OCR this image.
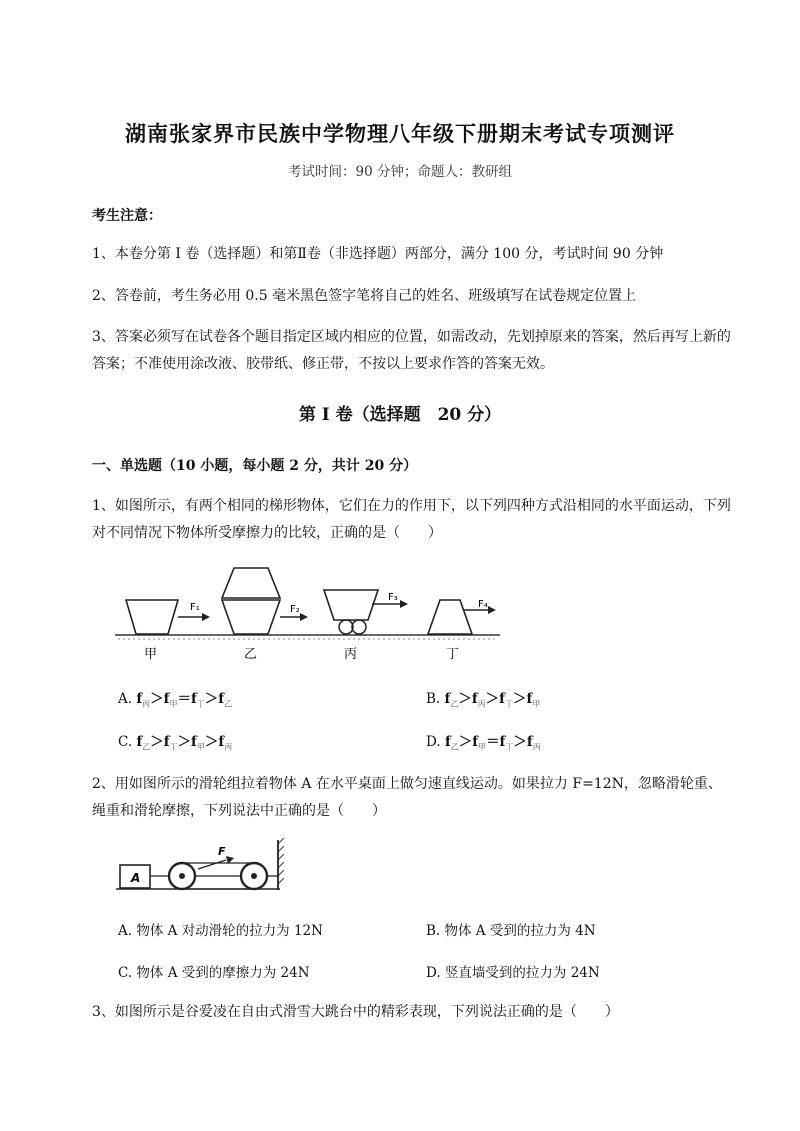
湖南张家界市民族中学物理八年级下册期末考试专项测评
考试时间：90 分钟；命题人：教研组
考生注意：
1、本卷分第 I 卷（选择题）和第Ⅱ卷（非选择题）两部分，满分 100 分，考试时间 90 分钟
2、答卷前，考生务必用 0.5 毫米黑色签字笔将自己的姓名、班级填写在试卷规定位置上
3、答案必须写在试卷各个题目指定区域内相应的位置，如需改动，先划掉原来的答案，然后再写上新的答案；不准使用涂改液、胶带纸、修正带，不按以上要求作答的答案无效。
第 I 卷（选择题　20 分）
一、单选题（10 小题，每小题 2 分，共计 20 分）
1、如图所示，有两个相同的梯形物体，它们在力的作用下，以下列四种方式沿相同的水平面运动，下列对不同情况下物体所受摩擦力的比较，正确的是（　　）
F₁
甲
F₂
乙
F₃
丙
F₄
丁
A. $f_丙>f_甲=f_丁>f_乙$	B. $f_乙>f_丙>f_丁>f_甲$
C. $f_乙>f_丁>f_甲>f_丙$	D. $f_乙>f_甲=f_丁>f_丙$
2、用如图所示的滑轮组拉着物体 A 在水平桌面上做匀速直线运动。如果拉力 F=12N，忽略滑轮重、绳重和滑轮摩擦，下列说法中正确的是（　　）
A
F
A. 物体 A 对动滑轮的拉力为 12N	B. 物体 A 受到的拉力为 4N
C. 物体 A 受到的摩擦力为 24N	D. 竖直墙受到的拉力为 24N
3、如图所示是谷爱凌在自由式滑雪大跳台中的精彩表现，下列说法正确的是（　　）
